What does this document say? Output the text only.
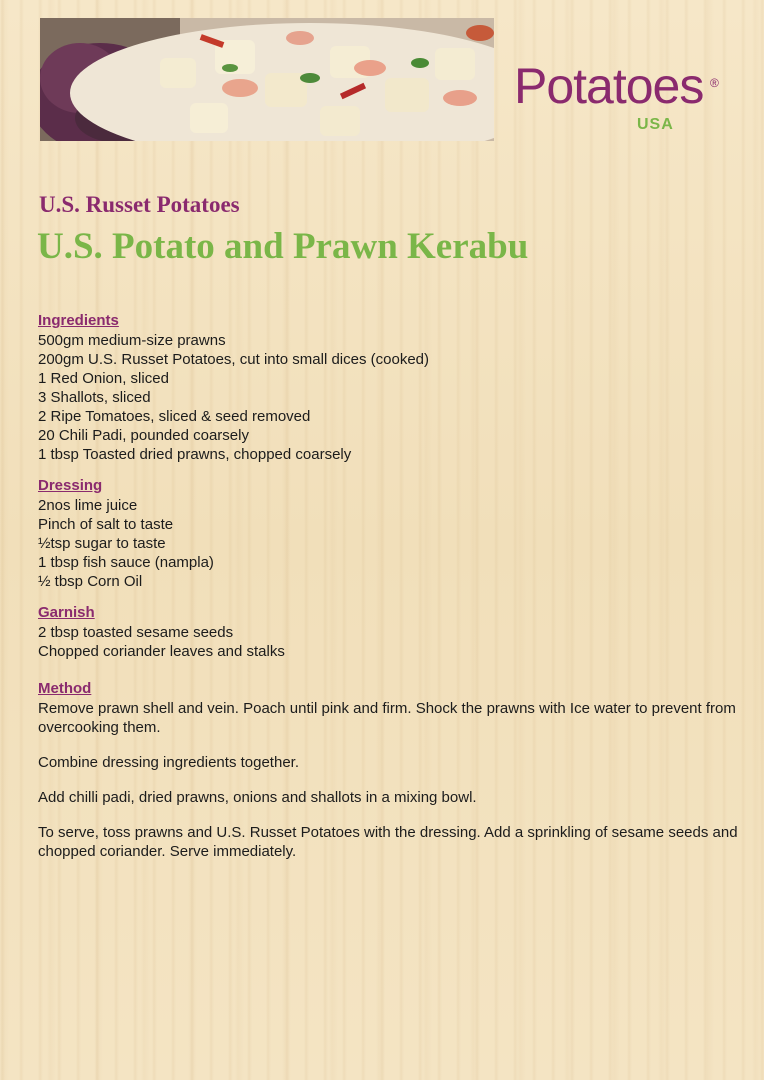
Potatoes ®
USA
U.S. Russet Potatoes
U.S. Potato and Prawn Kerabu

Ingredients

500gm medium-size prawns

200gm U.S. Russet Potatoes, cut into small dices (cooked)

1 Red Onion, sliced

3 Shallots, sliced

2 Ripe Tomatoes, sliced & seed removed

20 Chili Padi, pounded coarsely

1 tbsp Toasted dried prawns, chopped coarsely

Dressing

2nos lime juice

Pinch of salt to taste

½tsp sugar to taste

1 tbsp fish sauce (nampla)

½ tbsp Corn Oil

Garnish

2 tbsp toasted sesame seeds

Chopped coriander leaves and stalks

Method

Remove prawn shell and vein. Poach until pink and firm. Shock the prawns with Ice water to prevent from overcooking them.

Combine dressing ingredients together.

Add chilli padi, dried prawns, onions and shallots in a mixing bowl.

To serve, toss prawns and U.S. Russet Potatoes with the dressing. Add a sprinkling of sesame seeds and chopped coriander. Serve immediately.
